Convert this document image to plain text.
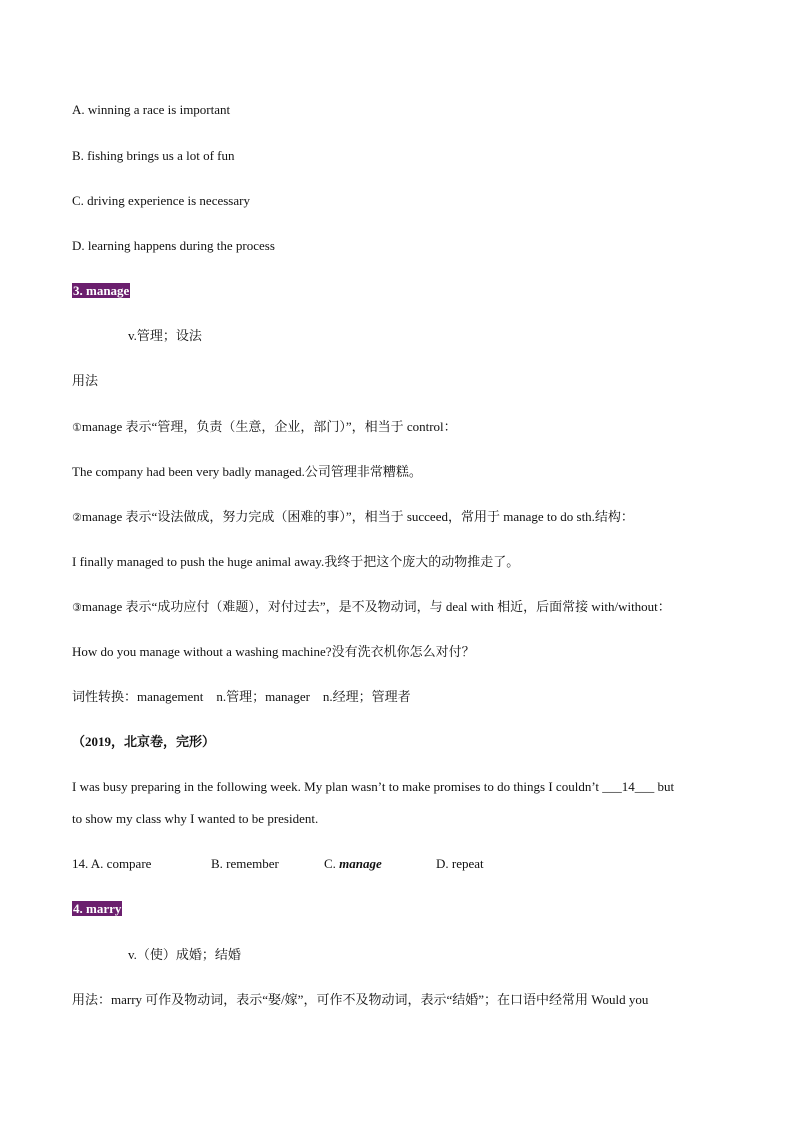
A. winning a race is important
B. fishing brings us a lot of fun
C. driving experience is necessary
D. learning happens during the process
3. manage
v.管理；设法
用法
①manage 表示“管理，负责（生意，企业，部门）”，相当于 control：
The company had been very badly managed.公司管理非常糟糕。
②manage 表示“设法做成，努力完成（困难的事）”，相当于 succeed，常用于 manage to do sth.结构：
I finally managed to push the huge animal away.我终于把这个庞大的动物推走了。
③manage 表示“成功应付（难题），对付过去”，是不及物动词，与 deal with 相近，后面常接 with/without：
How do you manage without a washing machine?没有洗衣机你怎么对付？
词性转换：management　n.管理；manager　n.经理；管理者
（2019，北京卷，完形）
I was busy preparing in the following week. My plan wasn’t to make promises to do things I couldn’t ___14___ but
to show my class why I wanted to be president.
14. A. compare	B. remember	C. manage	D. repeat
4. marry
v.（使）成婚；结婚
用法：marry 可作及物动词，表示“娶/嫁”，可作不及物动词，表示“结婚”；在口语中经常用 Would you
